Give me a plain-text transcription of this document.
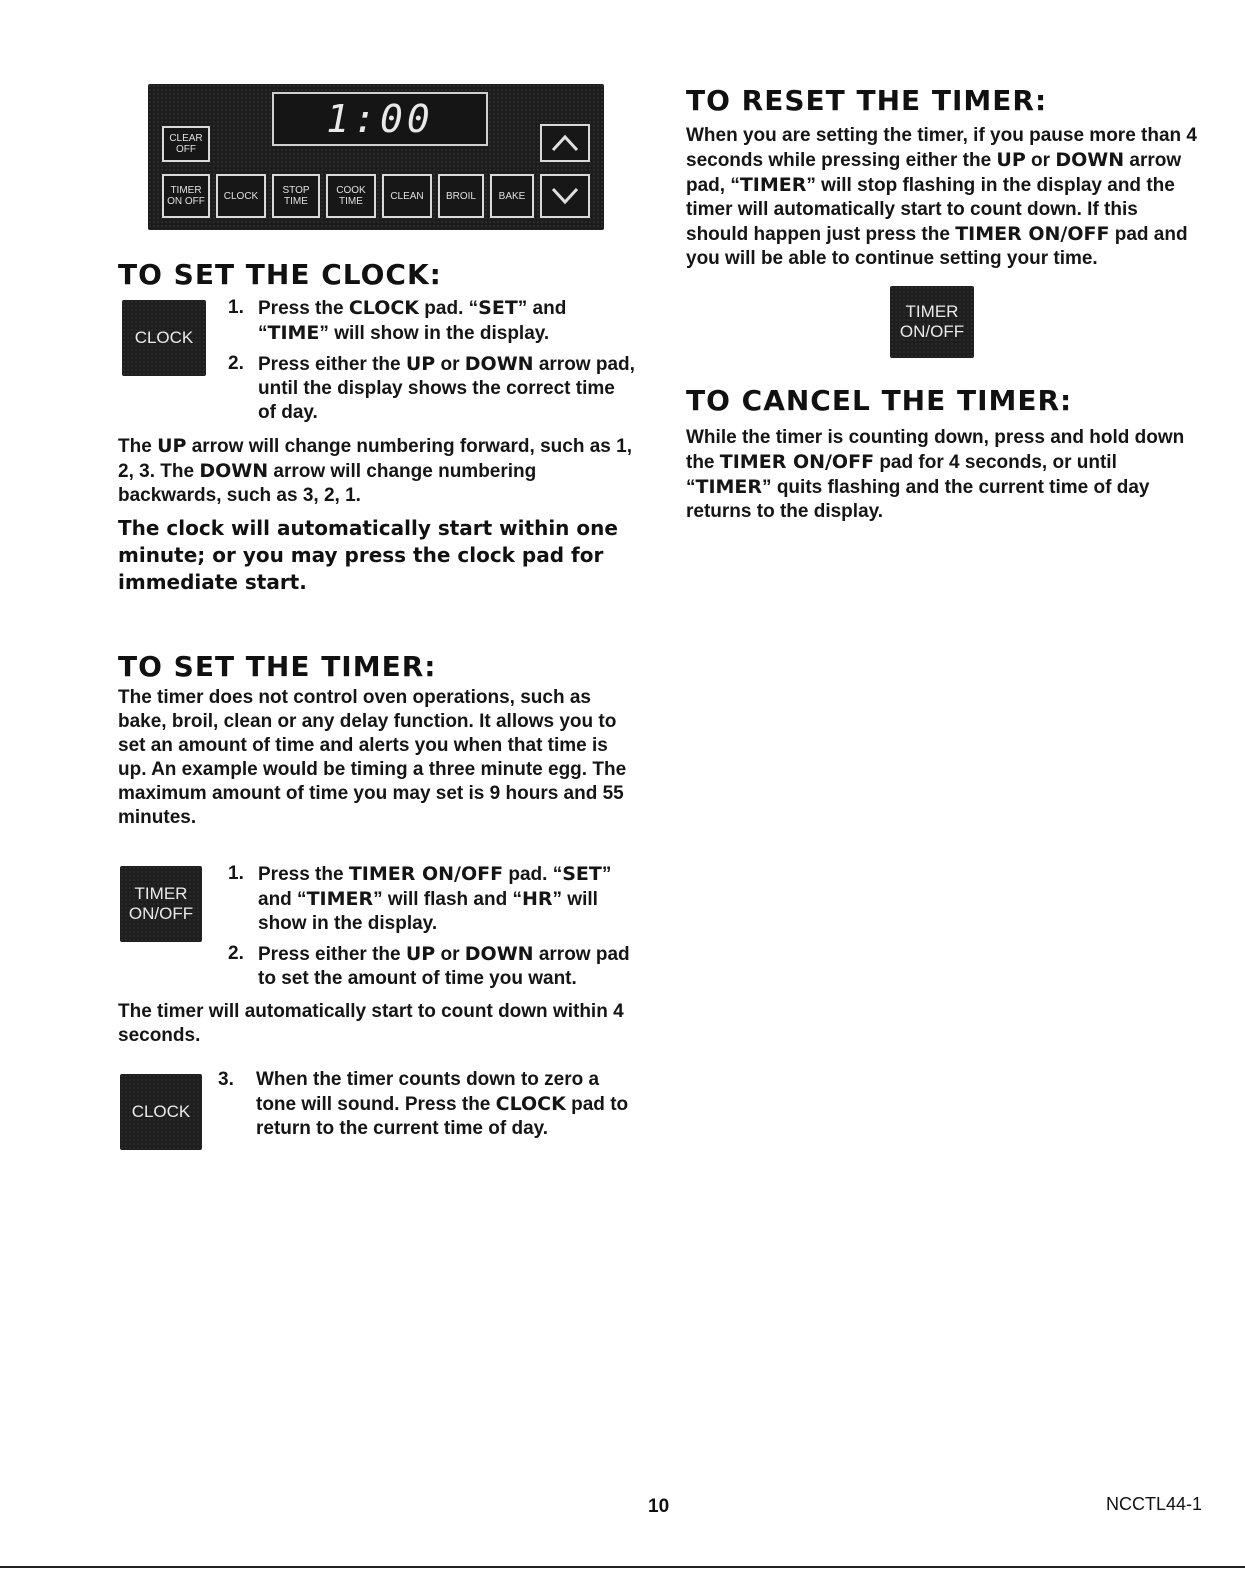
CLEAR
OFF
1:00
TIMER
ON OFF CLOCK STOP
TIME
COOK
TIME	CLEAN BROIL BAKE
TO SET THE CLOCK:
CLOCK
1. Press the CLOCK pad. “SET” and “TIME” will show in the display.
2. Press either the UP or DOWN arrow pad, until the display shows the correct time of day.
The UP arrow will change numbering forward, such as 1, 2, 3. The DOWN arrow will change numbering backwards, such as 3, 2, 1.
The clock will automatically start within one minute; or you may press the clock pad for immediate start.
TO SET THE TIMER:
The timer does not control oven operations, such as bake, broil, clean or any delay function. It allows you to set an amount of time and alerts you when that time is up. An example would be timing a three minute egg. The maximum amount of time you may set is 9 hours and 55 minutes.
TIMER
ON/OFF
1. Press the TIMER ON/OFF pad. “SET” and “TIMER” will flash and “HR” will show in the display.
2. Press either the UP or DOWN arrow pad to set the amount of time you want.
The timer will automatically start to count down within 4 seconds.
CLOCK
3.	When the timer counts down to zero a tone will sound. Press the CLOCK pad to return to the current time of day.
TO RESET THE TIMER:
When you are setting the timer, if you pause more than 4 seconds while pressing either the UP or DOWN arrow pad, “TIMER” will stop flashing in the display and the timer will automatically start to count down. If this should happen just press the TIMER ON/OFF pad and you will be able to continue setting your time.
TIMER
ON/OFF
TO CANCEL THE TIMER:
While the timer is counting down, press and hold down the TIMER ON/OFF pad for 4 seconds, or until “TIMER” quits flashing and the current time of day returns to the display.
10	NCCTL44-1
